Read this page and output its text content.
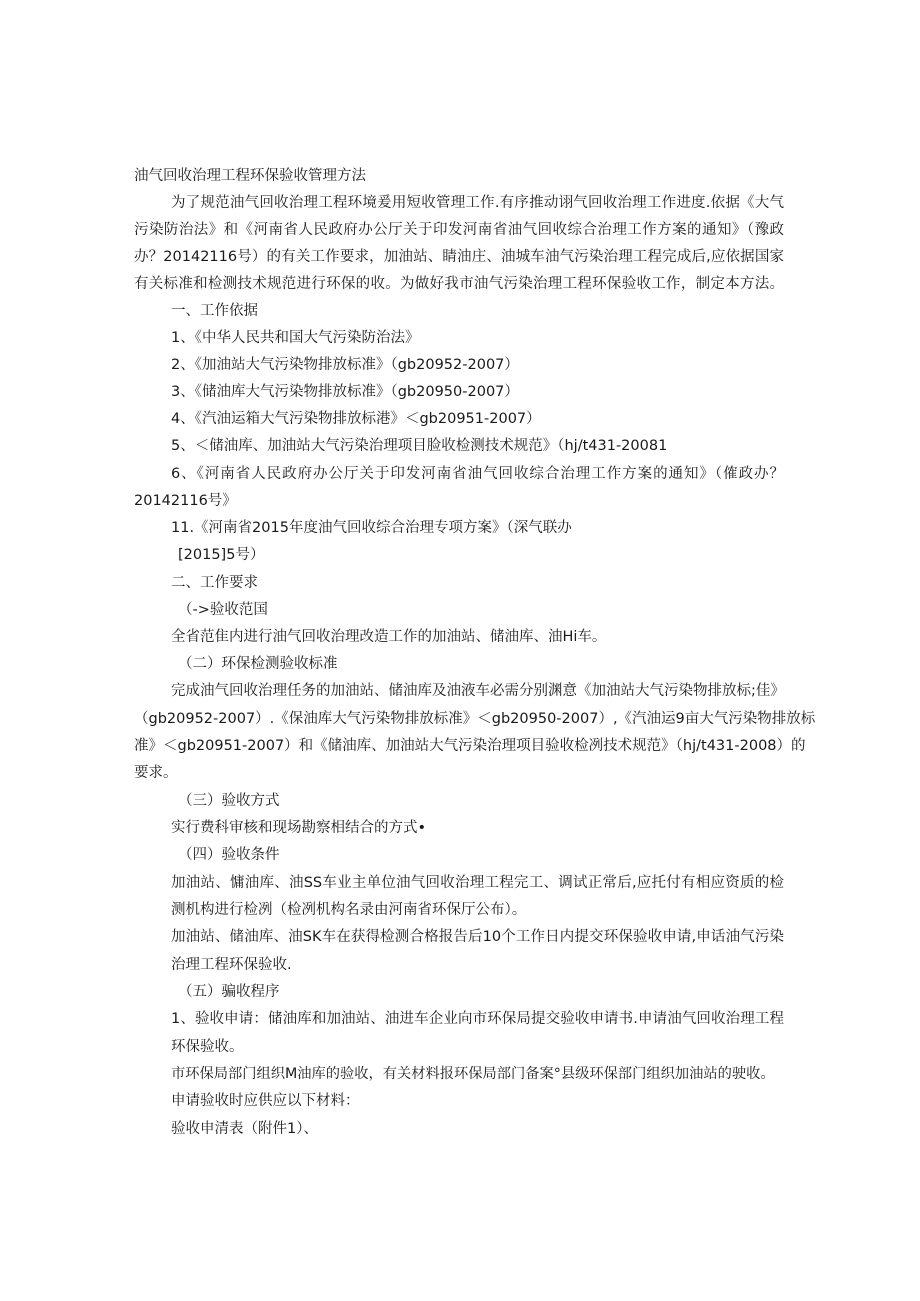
油气回收治理工程环保验收管理方法
为了规范油气回收治理工程环境爰用短收管理工作.有序推动诩气回收治理工作进度.依据《大气
污染防治法》和《河南省人民政府办公厅关于印发河南省油气回收综合治理工作方案的通知》（豫政
办？20142116号）的有关工作要求，加油站、睛油庄、油城车油气污染治理工程完成后,应依据国家
有关标准和检测技术规范进行环保的收。为做好我市油气污染治理工程环保验收工作，制定本方法。
一、工作依据
1、《中华人民共和国大气污染防治法》
2、《加油站大气污染物排放标准》（gb20952-2007）
3、《储油库大气污染物排放标准》（gb20950-2007）
4、《汽油运箱大气污染物排放标港》＜gb20951-2007）
5、＜储油库、加油站大气污染治理项目脸收检测技术规范》（hj∕t431-20081
6、《河南省人民政府办公厅关于印发河南省油气回收综合治理工作方案的通知》（傕政办？
20142116号》
11.《河南省2015年度油气回收综合治理专项方案》（深气联办
[2015]5号）
二、工作要求
（->验收范国
全省范隹内进行油气回收治理改造工作的加油站、储油库、油Hi车。
（二）环保检测验收标准
完成油气回收治理任务的加油站、储油库及油液车必需分别渊意《加油站大气污染物排放标;佳》
（gb20952-2007）.《保油库大气污染物排放标准》＜gb20950-2007）,《汽油运9亩大气污染物排放标
准》＜gb20951-2007）和《储油库、加油站大气污染治理项目验收检冽技术规范》（hj∕t431-2008）的
要求。
（三）验收方式
实行费科审核和现场勘察相结合的方式•
（四）验收条件
加油站、慵油库、油SS车业主单位油气回收治理工程完工、调试正常后,应托付有相应资质的检
测机构进行检冽（检冽机构名录由河南省环保厅公布）。
加油站、储油库、油SK车在获得检测合格报告后10个工作日内提交环保验收申请,申话油气污染
治理工程环保验收.
（五）骗收程序
1、验收申请：储油库和加油站、油进车企业向市环保局提交验收申请书.申请油气回收治理工程
环保验收。
市环保局部门组织M油库的验收，有关材料报环保局部门备案°县级环保部门组织加油站的驶收。
申请验收时应供应以下材料：
验收申清表（附件1）、
